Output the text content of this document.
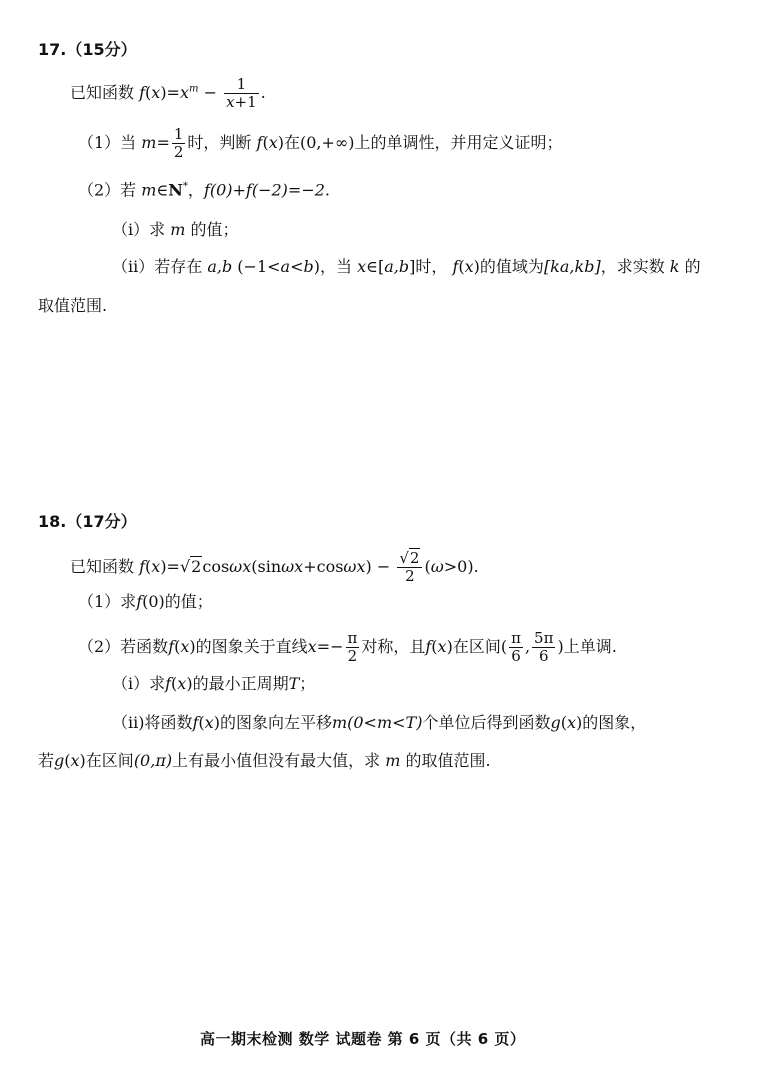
17.（15分）
已知函数 $f(x)=x^m - \frac{1}{x+1}$ .
（1）当 $m= \frac{1}{2}$ 时，判断 f(x)在(0,+∞)上的单调性，并用定义证明；
（2）若 m∈N*，f(0)+f(−2)=−2.
（i）求 m 的值；
（ii）若存在 a,b (−1<a<b)，当 x∈[a,b]时， f(x)的值域为[ka,kb]，求实数 k 的
取值范围.
18.（17分）
已知函数 $f(x)=√2\cos\omega x(\sin\omega x+\cos\omega x) - \frac{√2}{2} (\omega>0)$.
（1）求f(0)的值；
（2）若函数f(x)的图象关于直线$x=- \frac{\pi}{2}$ 对称，且f(x)在区间( $\frac{\pi}{6}$ , $\frac{5\pi}{6}$ )上单调.
（i）求f(x)的最小正周期T；
（ii)将函数f(x)的图象向左平移m(0<m<T)个单位后得到函数g(x)的图象，
若g(x)在区间(0,π)上有最小值但没有最大值，求 m 的取值范围.
高一期末检测 数学 试题卷 第 6 页（共 6 页）
